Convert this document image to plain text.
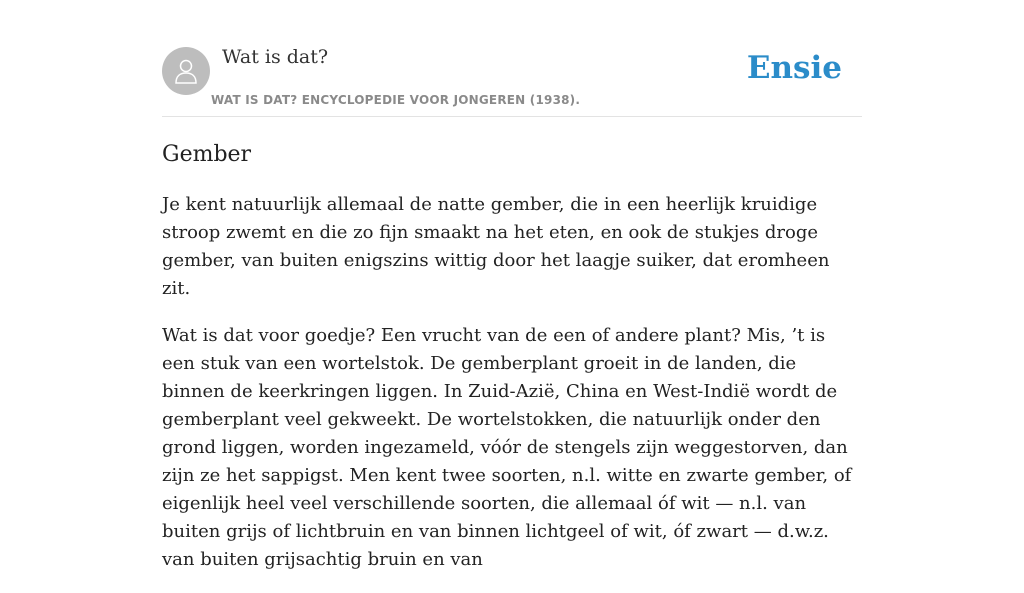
Wat is dat?
WAT IS DAT? ENCYCLOPEDIE VOOR JONGEREN (1938).
Ensie
Gember

Je kent natuurlijk allemaal de natte gember, die in een heerlijk kruidige stroop zwemt en die zo fijn smaakt na het eten, en ook de stukjes droge gember, van buiten enigszins wittig door het laagje suiker, dat eromheen zit.

Wat is dat voor goedje? Een vrucht van de een of andere plant? Mis, ’t is een stuk van een wortelstok. De gemberplant groeit in de landen, die binnen de keerkringen liggen. In Zuid-Azië, China en West-Indië wordt de gemberplant veel gekweekt. De wortelstokken, die natuurlijk onder den grond liggen, worden ingezameld, vóór de stengels zijn weggestorven, dan zijn ze het sappigst. Men kent twee soorten, n.l. witte en zwarte gember, of eigenlijk heel veel verschillende soorten, die allemaal óf wit — n.l. van buiten grijs of lichtbruin en van binnen lichtgeel of wit, óf zwart — d.w.z. van buiten grijsachtig bruin en van
